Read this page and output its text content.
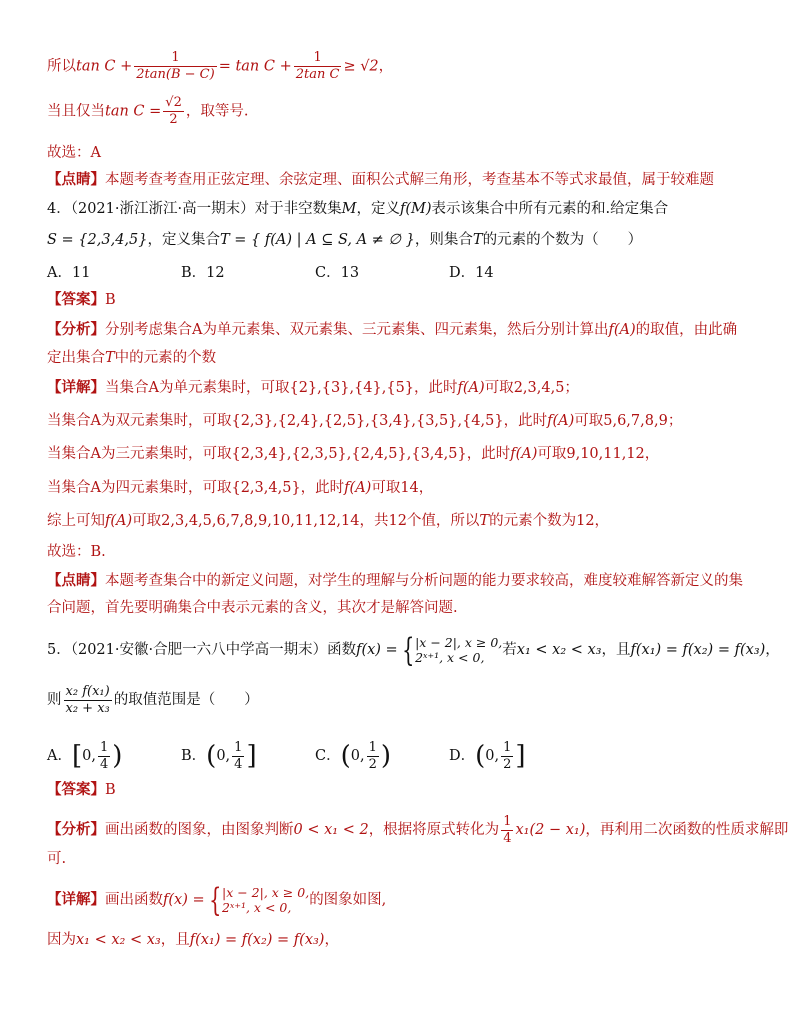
所以$\tan C + \frac{1}{2\tan(B - C)} = \tan C + \frac{1}{\text{2tan C}} \ge √2$，
当且仅当$\tan C = \frac{√2}{2}$ ，取等号.
故选：A
【点睛】本题考查考查用正弦定理、余弦定理、面积公式解三角形，考查基本不等式求最值，属于较难题
4．（2021·浙江浙江·高一期末）对于非空数集M，定义f(M)表示该集合中所有元素的和.给定集合
S = {2,3,4,5}，定义集合T = { f(A) | A ⊆ S, A ≠ ∅ }，则集合T的元素的个数为（　　）
A．11	B．12	C．13	D．14
【答案】B
【分析】分别考虑集合A为单元素集、双元素集、三元素集、四元素集，然后分别计算出f(A)的取值，由此确
定出集合T中的元素的个数
【详解】当集合A为单元素集时，可取{2},{3},{4},{5}，此时f(A)可取2,3,4,5；
当集合A为双元素集时，可取{2,3},{2,4},{2,5},{3,4},{3,5},{4,5}，此时f(A)可取5,6,7,8,9；
当集合A为三元素集时，可取{2,3,4},{2,3,5},{2,4,5},{3,4,5}，此时f(A)可取9,10,11,12，
当集合A为四元素集时，可取{2,3,4,5}，此时f(A)可取14，
综上可知f(A)可取2,3,4,5,6,7,8,9,10,11,12,14，共12个值，所以T的元素个数为12，
故选：B.
【点睛】本题考查集合中的新定义问题，对学生的理解与分析问题的能力要求较高，难度较难解答新定义的集
合问题，首先要明确集合中表示元素的含义，其次才是解答问题.
5．（2021·安徽·合肥一六八中学高一期末）函数f(x) = { |x − 2|, x ≥ 0,
2ˣ⁺¹, x < 0,	若x₁ < x₂ < x₃，且f(x₁) = f(x₂) = f(x₃)，
则 $\frac{\text{x₂ f(x₁)}}{\text{x₂ + x₃}}$ 的取值范围是（　　）
A．[0, $\frac{1}{4}$ )	B．(0, $\frac{1}{4}$ ]	C．(0, $\frac{1}{2}$ )	D．(0, $\frac{1}{2}$ ]
【答案】B
【分析】画出函数的图象，由图象判断0 < x₁ < 2，根据将原式转化为 $\frac{1}{4} x_1(2 - x_1)$，再利用二次函数的性质求解即
可.
【详解】画出函数f(x) = { |x − 2|, x ≥ 0,
2ˣ⁺¹, x < 0,	的图象如图,
因为x₁ < x₂ < x₃，且f(x₁) = f(x₂) = f(x₃)，
